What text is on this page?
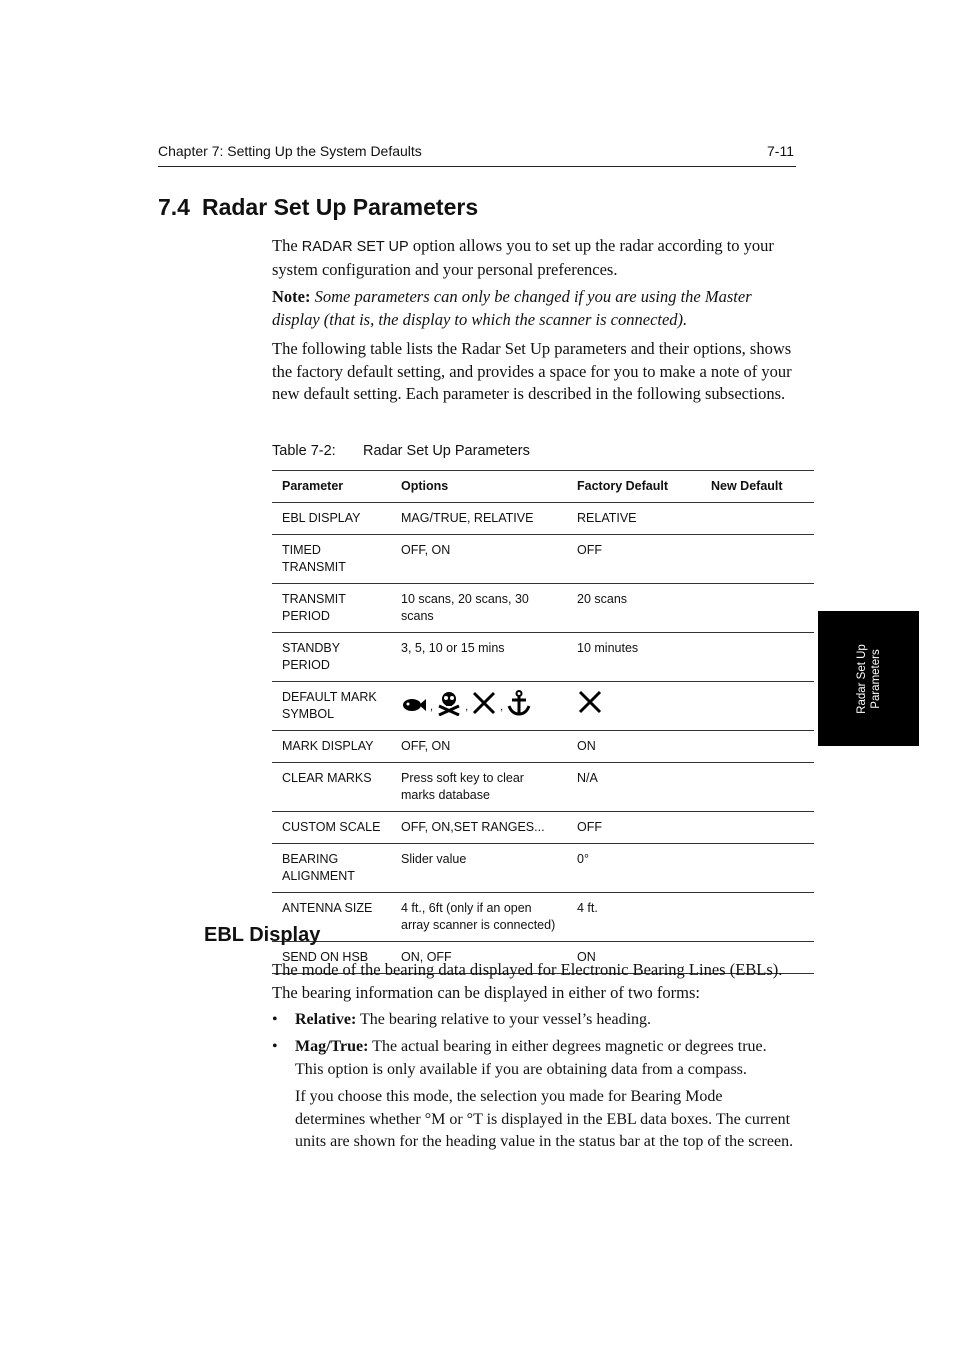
Chapter 7: Setting Up the System Defaults	7-11
7.4 Radar Set Up Parameters

The RADAR SET UP option allows you to set up the radar according to your system configuration and your personal preferences.

Note: Some parameters can only be changed if you are using the Master display (that is, the display to which the scanner is connected).

The following table lists the Radar Set Up parameters and their options, shows the factory default setting, and provides a space for you to make a note of your new default setting. Each parameter is described in the following subsections.

Table 7-2: Radar Set Up Parameters
Parameter	Options	Factory Default	New Default
EBL DISPLAY	MAG/TRUE, RELATIVE	RELATIVE	
TIMED TRANSMIT	OFF, ON	OFF	
TRANSMIT PERIOD	10 scans, 20 scans, 30 scans	20 scans	
STANDBY PERIOD	3, 5, 10 or 15 mins	10 minutes	
DEFAULT MARK SYMBOL	, , ,

MARK DISPLAY	OFF, ON	ON	
CLEAR MARKS	Press soft key to clear marks database	N/A	
CUSTOM SCALE	OFF, ON,SET RANGES...	OFF	
BEARING ALIGNMENT	Slider value	0°	
ANTENNA SIZE	4 ft., 6ft (only if an open array scanner is connected)	4 ft.	
SEND ON HSB	ON, OFF	ON	
Radar Set Up Parameters
EBL Display

The mode of the bearing data displayed for Electronic Bearing Lines (EBLs). The bearing information can be displayed in either of two forms:

• Relative: The bearing relative to your vessel’s heading.
• Mag/True: The actual bearing in either degrees magnetic or degrees true. This option is only available if you are obtaining data from a compass.
If you choose this mode, the selection you made for Bearing Mode determines whether °M or °T is displayed in the EBL data boxes. The current units are shown for the heading value in the status bar at the top of the screen.
